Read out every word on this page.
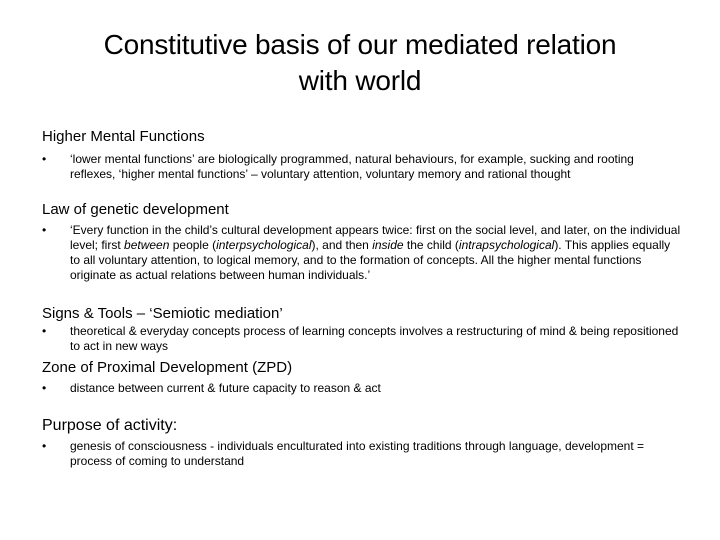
Constitutive basis of our mediated relation
with world
Higher Mental Functions
•	‘lower mental functions’ are biologically programmed, natural behaviours, for example, sucking and rooting reflexes, ‘higher mental functions’ – voluntary attention, voluntary memory and rational thought
Law of genetic development
•	‘Every function in the child’s cultural development appears twice: first on the social level, and later, on the individual level; first between people (interpsychological), and then inside the child (intrapsychological). This applies equally to all voluntary attention, to logical memory, and to the formation of concepts. All the higher mental functions originate as actual relations between human individuals.’
Signs & Tools – ‘Semiotic mediation’
•	theoretical & everyday concepts process of learning concepts involves a restructuring of mind & being repositioned to act in new ways
Zone of Proximal Development (ZPD)
•	distance between current & future capacity to reason & act
Purpose of activity:
•	genesis of consciousness - individuals enculturated into existing traditions through language, development = process of coming to understand
